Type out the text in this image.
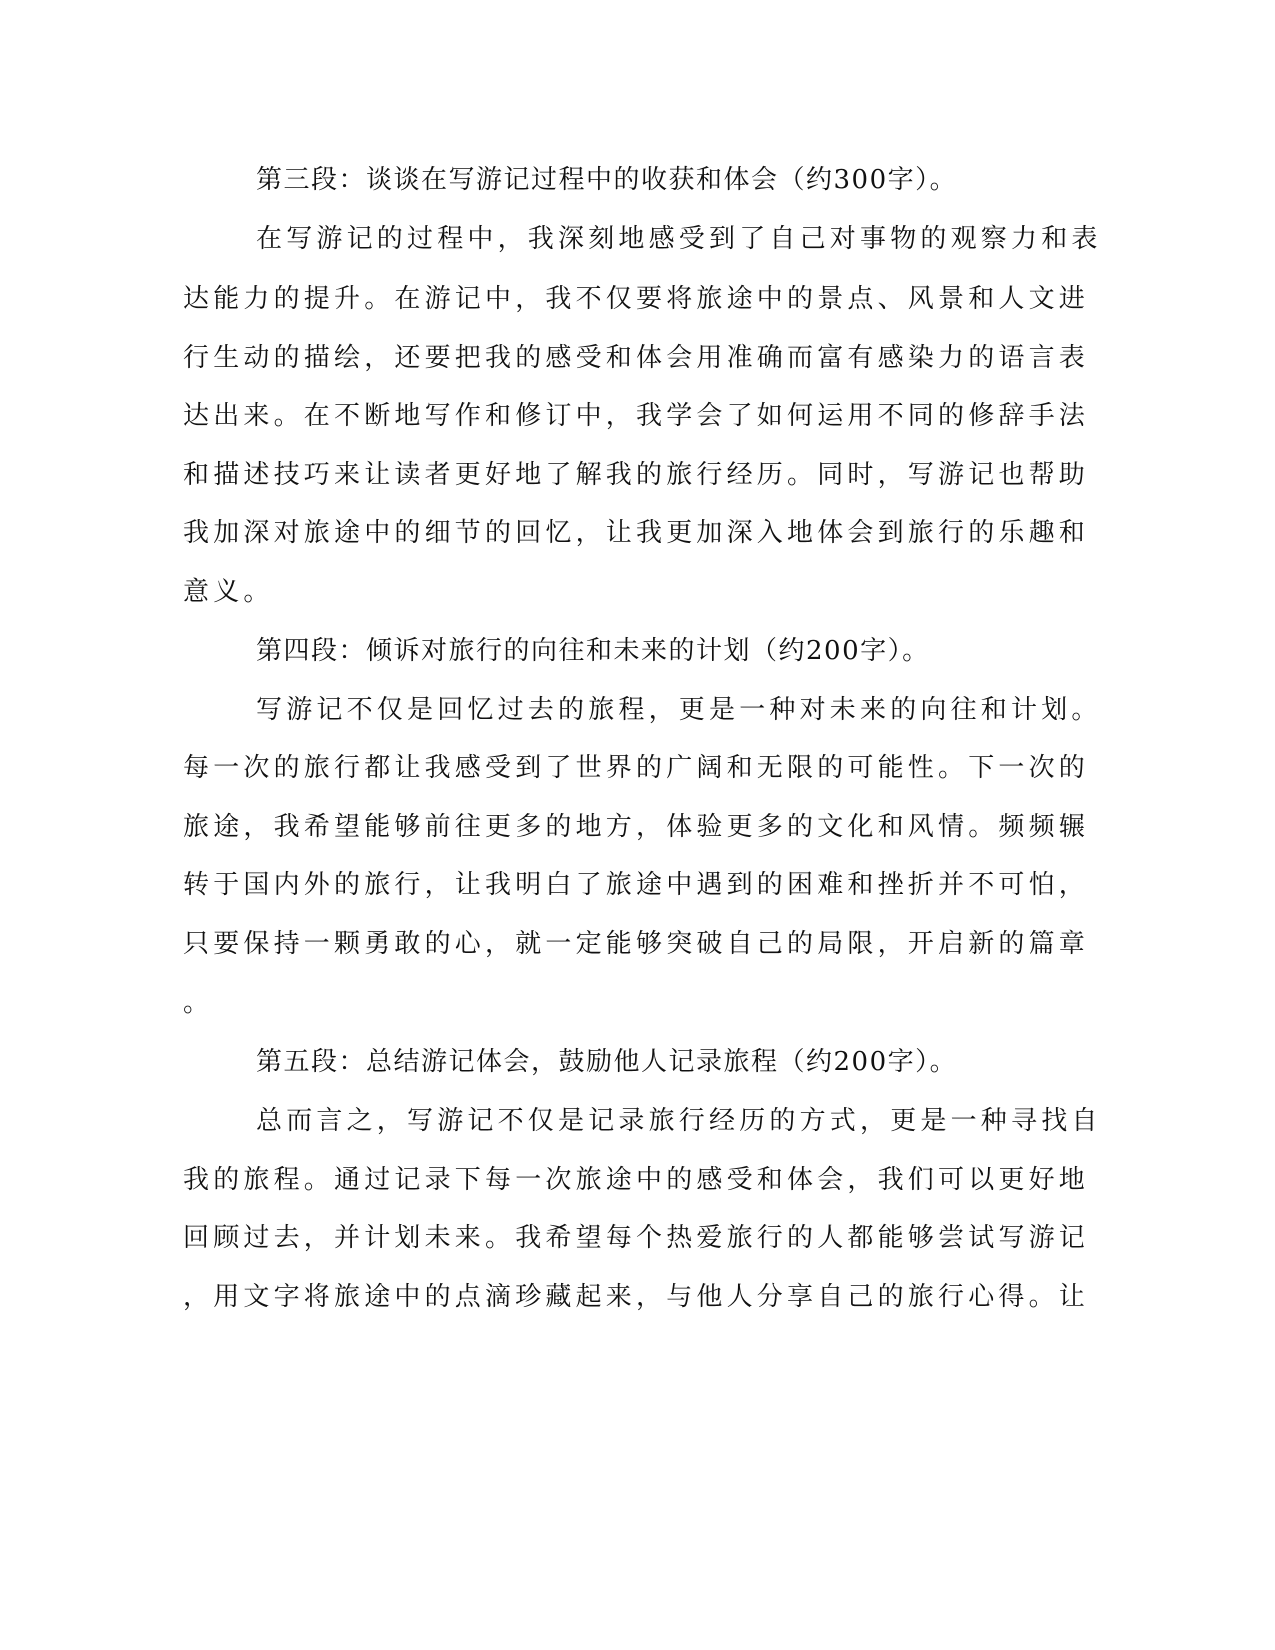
第三段：谈谈在写游记过程中的收获和体会（约300字）。

在写游记的过程中，我深刻地感受到了自己对事物的观察力和表

达能力的提升。在游记中，我不仅要将旅途中的景点、风景和人文进

行生动的描绘，还要把我的感受和体会用准确而富有感染力的语言表

达出来。在不断地写作和修订中，我学会了如何运用不同的修辞手法

和描述技巧来让读者更好地了解我的旅行经历。同时，写游记也帮助

我加深对旅途中的细节的回忆，让我更加深入地体会到旅行的乐趣和

意义。

第四段：倾诉对旅行的向往和未来的计划（约200字）。

写游记不仅是回忆过去的旅程，更是一种对未来的向往和计划。

每一次的旅行都让我感受到了世界的广阔和无限的可能性。下一次的

旅途，我希望能够前往更多的地方，体验更多的文化和风情。频频辗

转于国内外的旅行，让我明白了旅途中遇到的困难和挫折并不可怕，

只要保持一颗勇敢的心，就一定能够突破自己的局限，开启新的篇章

。

第五段：总结游记体会，鼓励他人记录旅程（约200字）。

总而言之，写游记不仅是记录旅行经历的方式，更是一种寻找自

我的旅程。通过记录下每一次旅途中的感受和体会，我们可以更好地

回顾过去，并计划未来。我希望每个热爱旅行的人都能够尝试写游记

，用文字将旅途中的点滴珍藏起来，与他人分享自己的旅行心得。让
